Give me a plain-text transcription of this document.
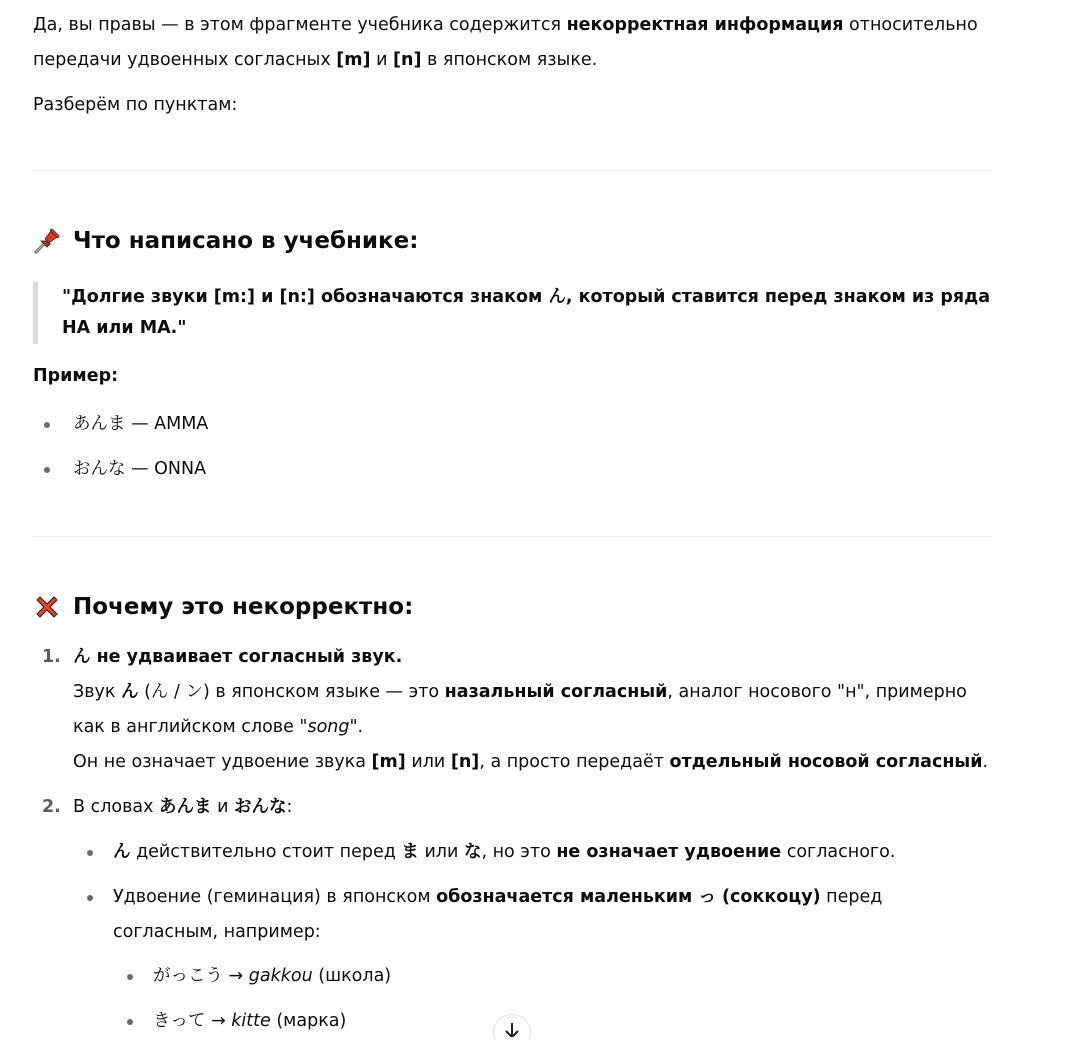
Да, вы правы — в этом фрагменте учебника содержится некорректная информация относительно передачи удвоенных согласных [m] и [n] в японском языке.

Разберём по пунктам:

Что написано в учебнике:
"Долгие звуки [m:] и [n:] обозначаются знаком ん, который ставится перед знаком из ряда НА или МА."
Пример:
あんま — AMMA
おんな — ONNA
Почему это некорректно:
1. ん не удваивает согласный звук.
Звук ん (ん / ン) в японском языке — это назальный согласный, аналог носового "н", примерно как в английском слове "song".
Он не означает удвоение звука [m] или [n], а просто передаёт отдельный носовой согласный.
2. В словах あんま и おんな:
ん действительно стоит перед ま или な, но это не означает удвоение согласного.
Удвоение (геминация) в японском обозначается маленьким っ (соккоцу) перед согласным, например:
がっこう → gakkou (школа)
きって → kitte (марка)
